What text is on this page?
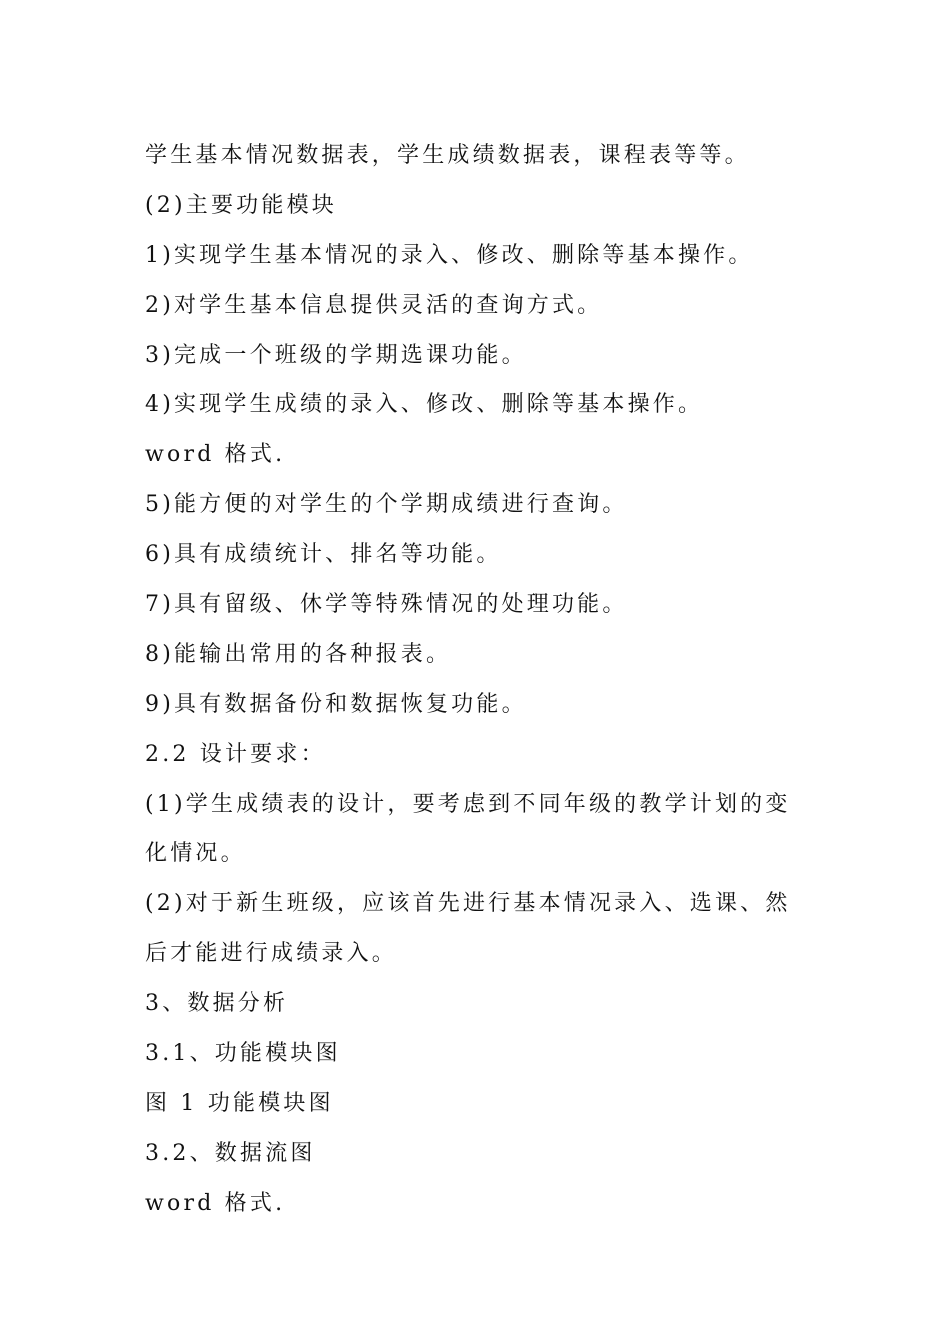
学生基本情况数据表，学生成绩数据表，课程表等等。
(2)主要功能模块
1)实现学生基本情况的录入、修改、删除等基本操作。
2)对学生基本信息提供灵活的查询方式。
3)完成一个班级的学期选课功能。
4)实现学生成绩的录入、修改、删除等基本操作。
word 格式.
5)能方便的对学生的个学期成绩进行查询。
6)具有成绩统计、排名等功能。
7)具有留级、休学等特殊情况的处理功能。
8)能输出常用的各种报表。
9)具有数据备份和数据恢复功能。
2.2 设计要求：
(1)学生成绩表的设计，要考虑到不同年级的教学计划的变
化情况。
(2)对于新生班级，应该首先进行基本情况录入、选课、然
后才能进行成绩录入。
3、数据分析
3.1、功能模块图
图 1 功能模块图
3.2、数据流图
word 格式.
